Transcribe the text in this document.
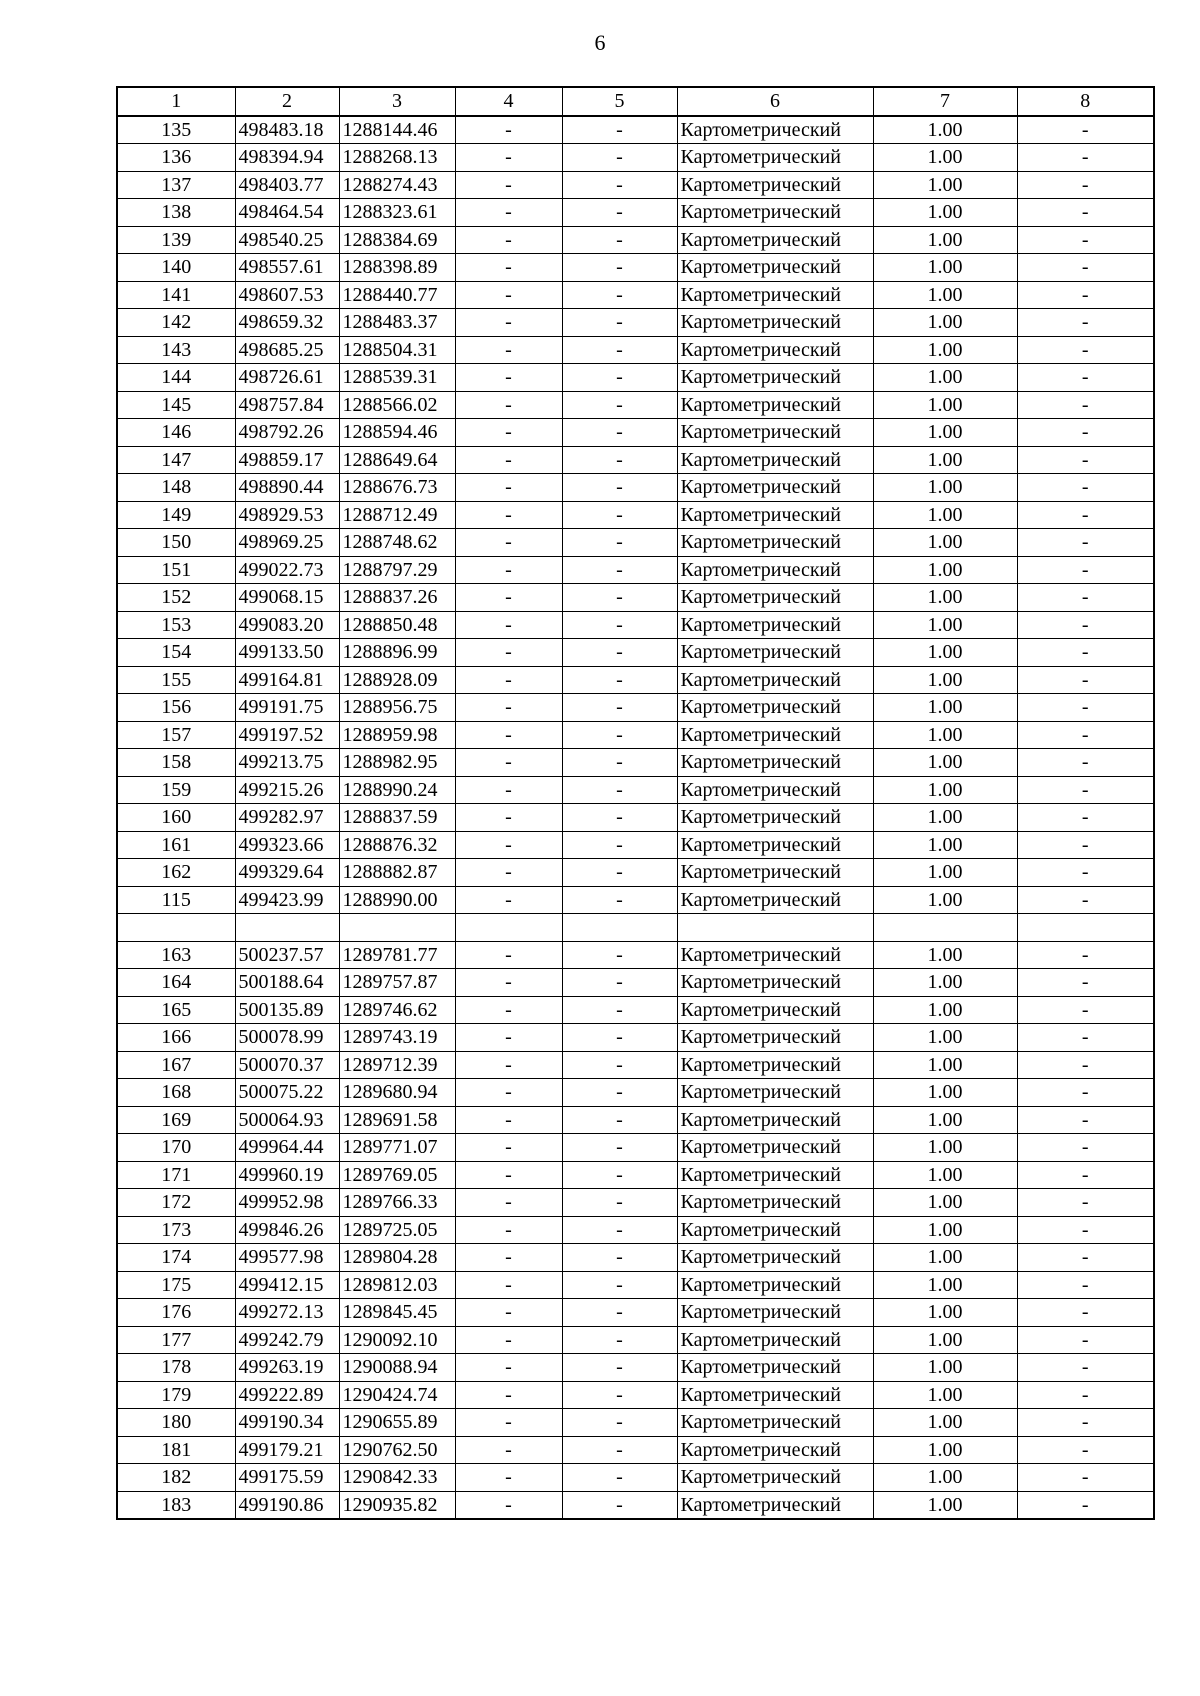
6
1	2	3	4	5	6	7	8
135	498483.18	1288144.46	-	-	Картометрический	1.00	-
136	498394.94	1288268.13	-	-	Картометрический	1.00	-
137	498403.77	1288274.43	-	-	Картометрический	1.00	-
138	498464.54	1288323.61	-	-	Картометрический	1.00	-
139	498540.25	1288384.69	-	-	Картометрический	1.00	-
140	498557.61	1288398.89	-	-	Картометрический	1.00	-
141	498607.53	1288440.77	-	-	Картометрический	1.00	-
142	498659.32	1288483.37	-	-	Картометрический	1.00	-
143	498685.25	1288504.31	-	-	Картометрический	1.00	-
144	498726.61	1288539.31	-	-	Картометрический	1.00	-
145	498757.84	1288566.02	-	-	Картометрический	1.00	-
146	498792.26	1288594.46	-	-	Картометрический	1.00	-
147	498859.17	1288649.64	-	-	Картометрический	1.00	-
148	498890.44	1288676.73	-	-	Картометрический	1.00	-
149	498929.53	1288712.49	-	-	Картометрический	1.00	-
150	498969.25	1288748.62	-	-	Картометрический	1.00	-
151	499022.73	1288797.29	-	-	Картометрический	1.00	-
152	499068.15	1288837.26	-	-	Картометрический	1.00	-
153	499083.20	1288850.48	-	-	Картометрический	1.00	-
154	499133.50	1288896.99	-	-	Картометрический	1.00	-
155	499164.81	1288928.09	-	-	Картометрический	1.00	-
156	499191.75	1288956.75	-	-	Картометрический	1.00	-
157	499197.52	1288959.98	-	-	Картометрический	1.00	-
158	499213.75	1288982.95	-	-	Картометрический	1.00	-
159	499215.26	1288990.24	-	-	Картометрический	1.00	-
160	499282.97	1288837.59	-	-	Картометрический	1.00	-
161	499323.66	1288876.32	-	-	Картометрический	1.00	-
162	499329.64	1288882.87	-	-	Картометрический	1.00	-
115	499423.99	1288990.00	-	-	Картометрический	1.00	-

163	500237.57	1289781.77	-	-	Картометрический	1.00	-
164	500188.64	1289757.87	-	-	Картометрический	1.00	-
165	500135.89	1289746.62	-	-	Картометрический	1.00	-
166	500078.99	1289743.19	-	-	Картометрический	1.00	-
167	500070.37	1289712.39	-	-	Картометрический	1.00	-
168	500075.22	1289680.94	-	-	Картометрический	1.00	-
169	500064.93	1289691.58	-	-	Картометрический	1.00	-
170	499964.44	1289771.07	-	-	Картометрический	1.00	-
171	499960.19	1289769.05	-	-	Картометрический	1.00	-
172	499952.98	1289766.33	-	-	Картометрический	1.00	-
173	499846.26	1289725.05	-	-	Картометрический	1.00	-
174	499577.98	1289804.28	-	-	Картометрический	1.00	-
175	499412.15	1289812.03	-	-	Картометрический	1.00	-
176	499272.13	1289845.45	-	-	Картометрический	1.00	-
177	499242.79	1290092.10	-	-	Картометрический	1.00	-
178	499263.19	1290088.94	-	-	Картометрический	1.00	-
179	499222.89	1290424.74	-	-	Картометрический	1.00	-
180	499190.34	1290655.89	-	-	Картометрический	1.00	-
181	499179.21	1290762.50	-	-	Картометрический	1.00	-
182	499175.59	1290842.33	-	-	Картометрический	1.00	-
183	499190.86	1290935.82	-	-	Картометрический	1.00	-
